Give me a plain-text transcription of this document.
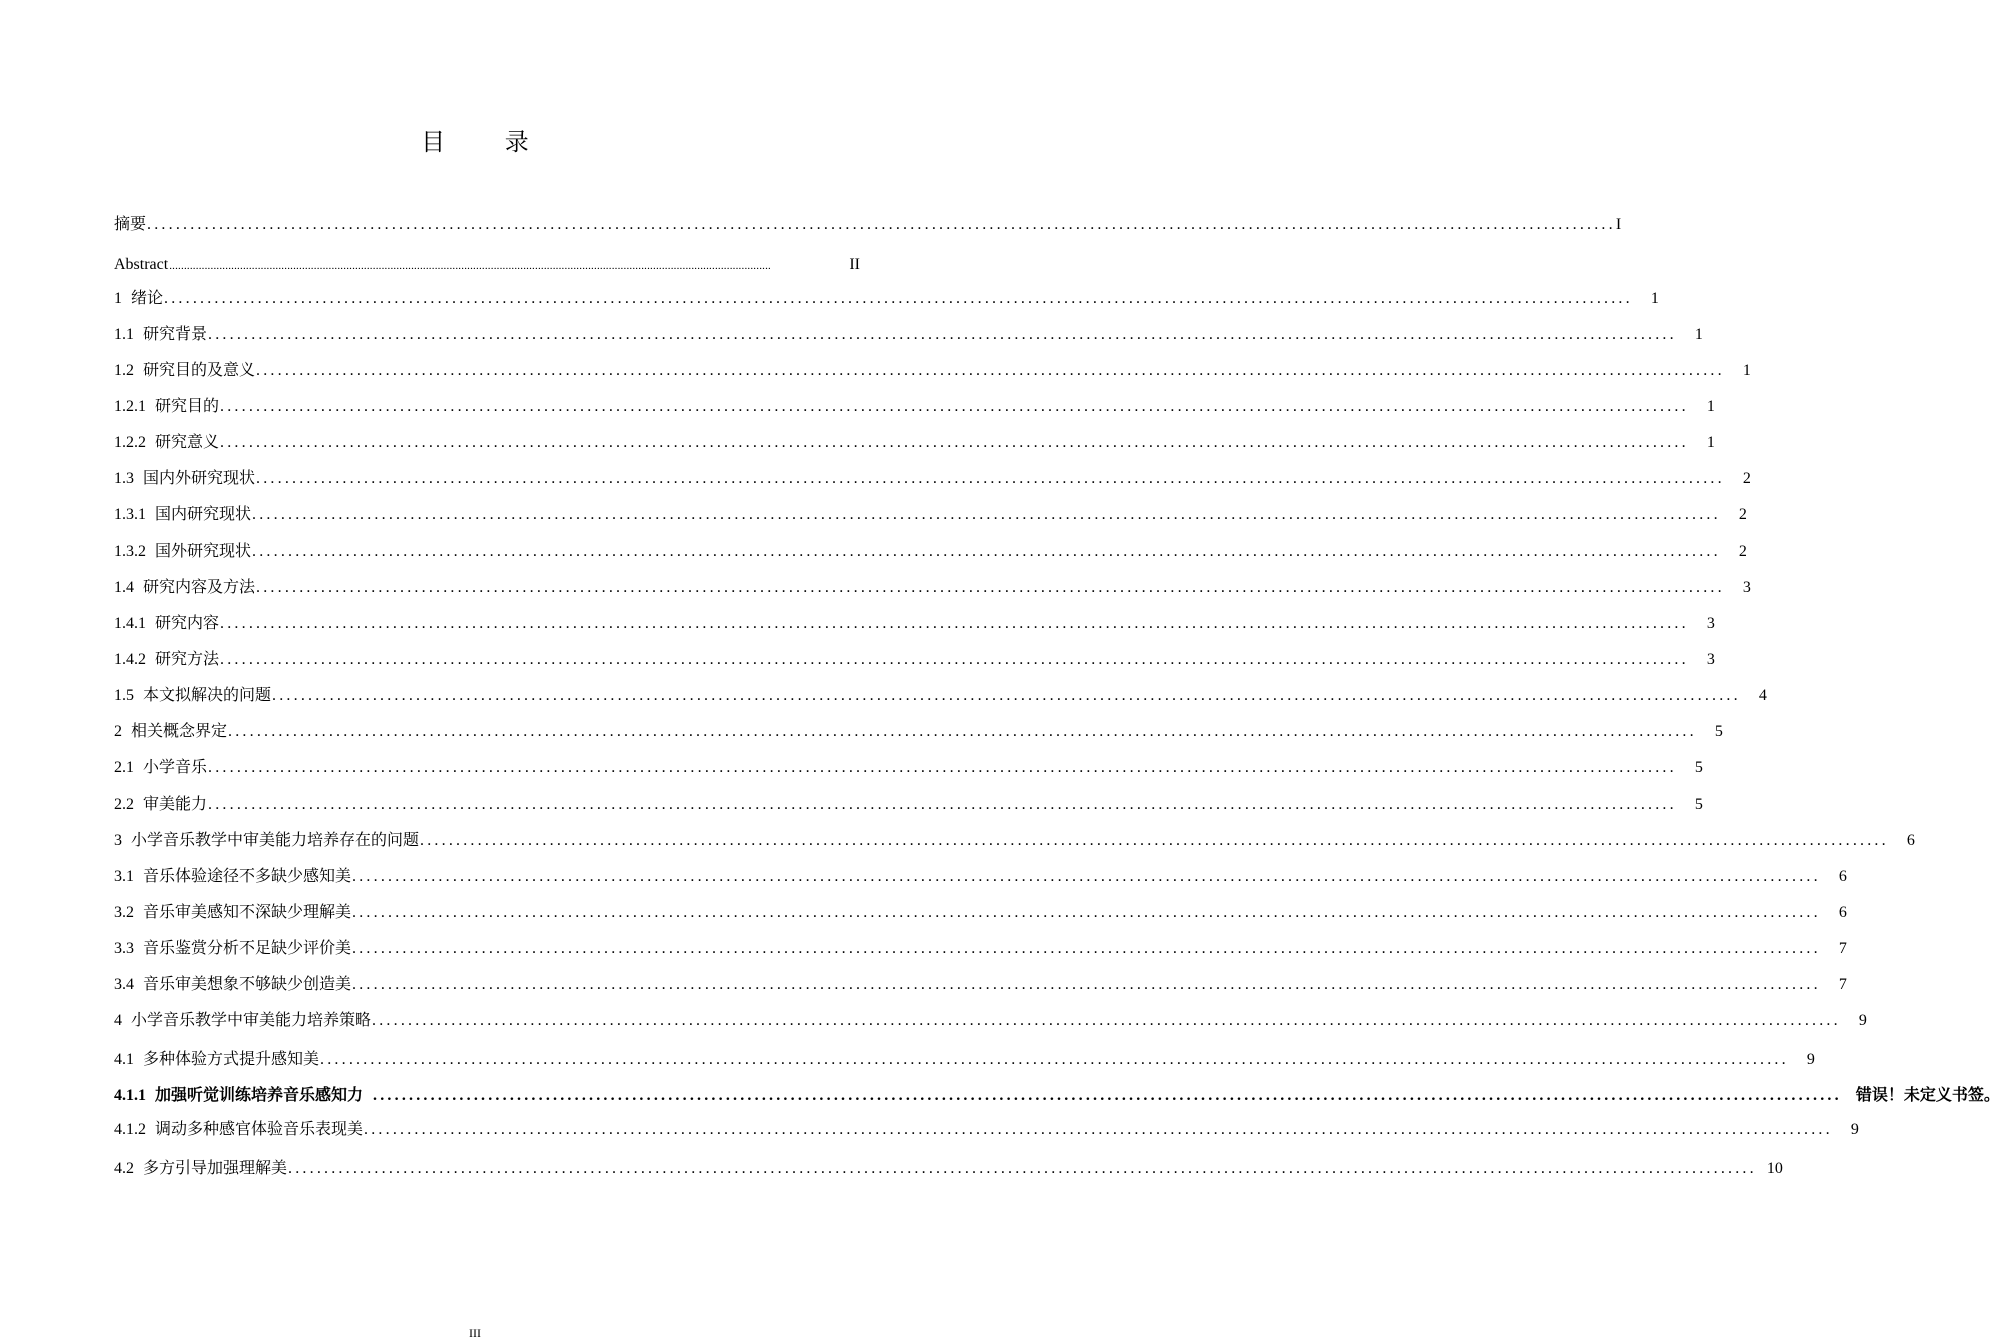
目 录
摘要 ............................................................................................................................................................................................................ I
Abstract ............................................................................................................................................................................................................	II
1 绪论 ............................................................................................................................................................................................................	1
1.1 研究背景 ............................................................................................................................................................................................................	1
1.2 研究目的及意义 ............................................................................................................................................................................................................	1
1.2.1 研究目的 ............................................................................................................................................................................................................	1
1.2.2 研究意义 ............................................................................................................................................................................................................	1
1.3 国内外研究现状 ............................................................................................................................................................................................................	2
1.3.1 国内研究现状 ............................................................................................................................................................................................................	2
1.3.2 国外研究现状 ............................................................................................................................................................................................................	2
1.4 研究内容及方法 ............................................................................................................................................................................................................	3
1.4.1 研究内容 ............................................................................................................................................................................................................	3
1.4.2 研究方法 ............................................................................................................................................................................................................	3
1.5 本文拟解决的问题 ............................................................................................................................................................................................................	4
2 相关概念界定 ............................................................................................................................................................................................................	5
2.1 小学音乐 ............................................................................................................................................................................................................	5
2.2 审美能力 ............................................................................................................................................................................................................	5
3 小学音乐教学中审美能力培养存在的问题 ............................................................................................................................................................................................................	6
3.1 音乐体验途径不多缺少感知美 ............................................................................................................................................................................................................	6
3.2 音乐审美感知不深缺少理解美 ............................................................................................................................................................................................................	6
3.3 音乐鉴赏分析不足缺少评价美 ............................................................................................................................................................................................................	7
3.4 音乐审美想象不够缺少创造美 ............................................................................................................................................................................................................	7
4 小学音乐教学中审美能力培养策略 ............................................................................................................................................................................................................	9
4.1 多种体验方式提升感知美 ............................................................................................................................................................................................................	9
4.1.1 加强听觉训练培养音乐感知力 ............................................................................................................................................................................................................ 错误！未定义书签。
4.1.2 调动多种感官体验音乐表现美 ............................................................................................................................................................................................................	9
4.2 多方引导加强理解美 ............................................................................................................................................................................................................ 10
III
